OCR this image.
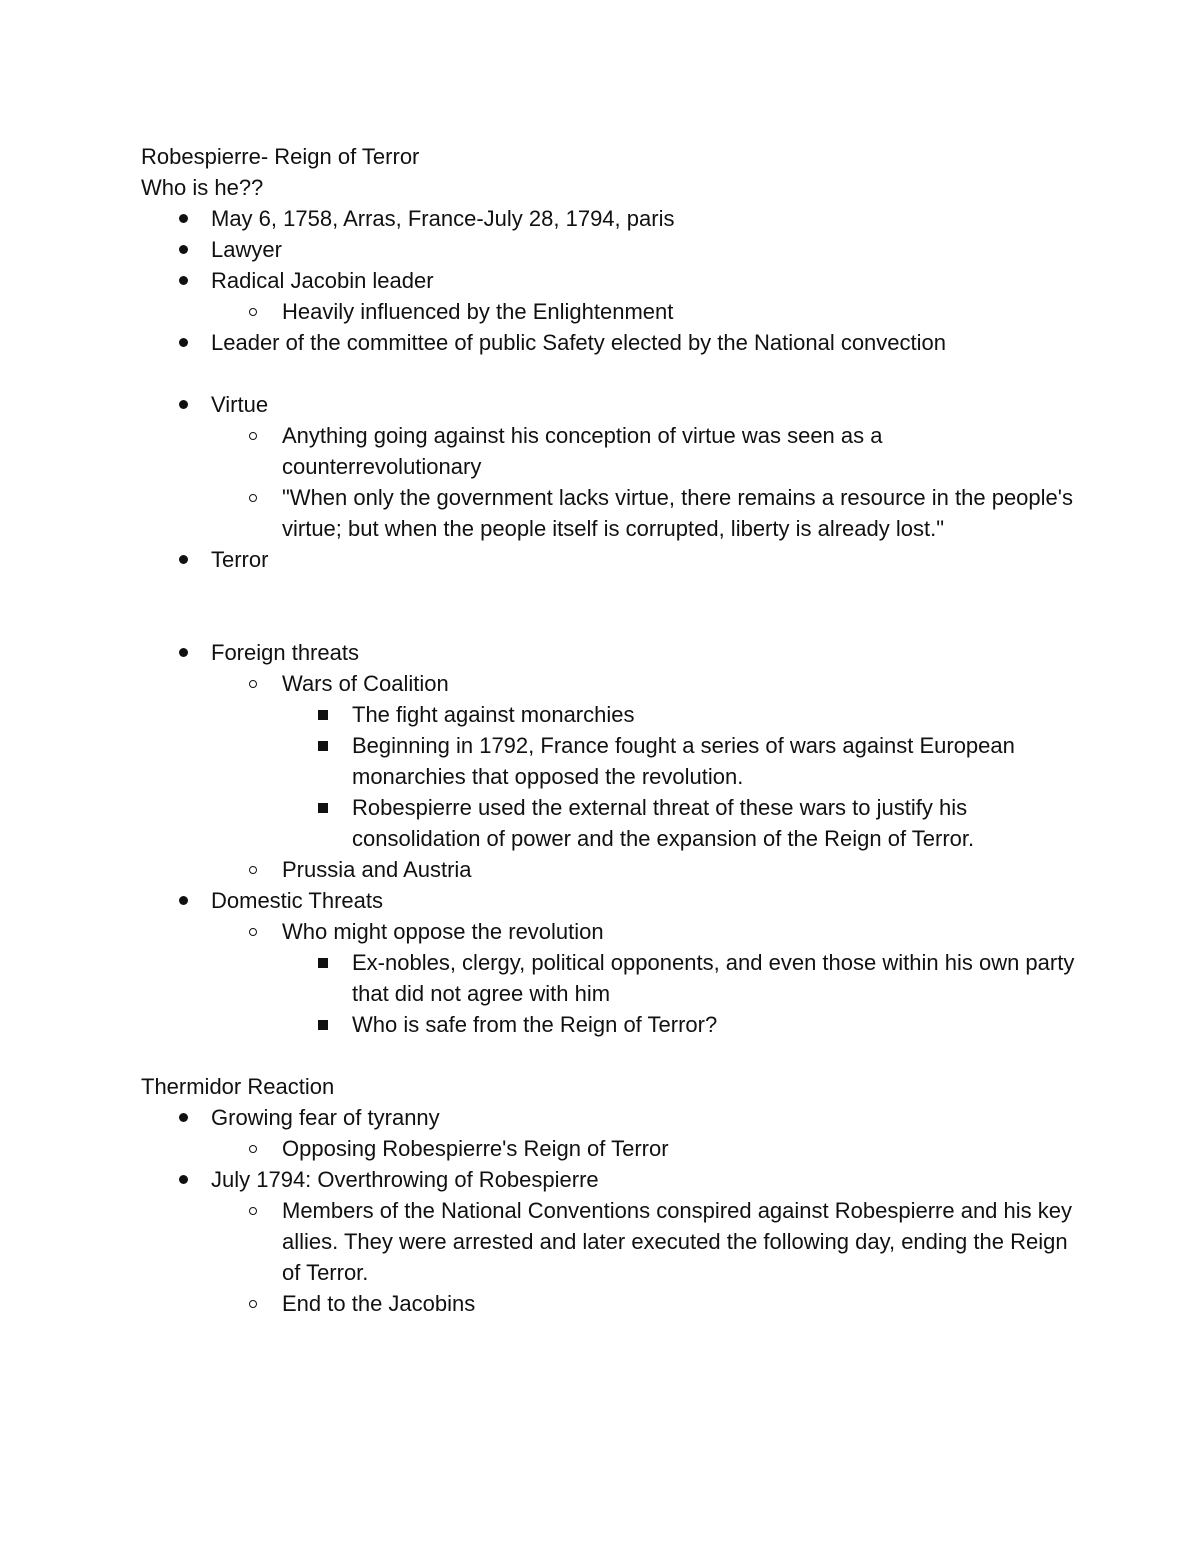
Robespierre- Reign of Terror
Who is he??
May 6, 1758, Arras, France-July 28, 1794, paris
Lawyer
Radical Jacobin leader
Heavily influenced by the Enlightenment
Leader of the committee of public Safety elected by the National convection
Virtue
Anything going against his conception of virtue was seen as a counterrevolutionary
"When only the government lacks virtue, there remains a resource in the people's virtue; but when the people itself is corrupted, liberty is already lost."
Terror
Foreign threats
Wars of Coalition
The fight against monarchies
Beginning in 1792, France fought a series of wars against European monarchies that opposed the revolution.
Robespierre used the external threat of these wars to justify his consolidation of power and the expansion of the Reign of Terror.
Prussia and Austria
Domestic Threats
Who might oppose the revolution
Ex-nobles, clergy, political opponents, and even those within his own party that did not agree with him
Who is safe from the Reign of Terror?
Thermidor Reaction
Growing fear of tyranny
Opposing Robespierre's Reign of Terror
July 1794: Overthrowing of Robespierre
Members of the National Conventions conspired against Robespierre and his key allies. They were arrested and later executed the following day, ending the Reign of Terror.
End to the Jacobins
